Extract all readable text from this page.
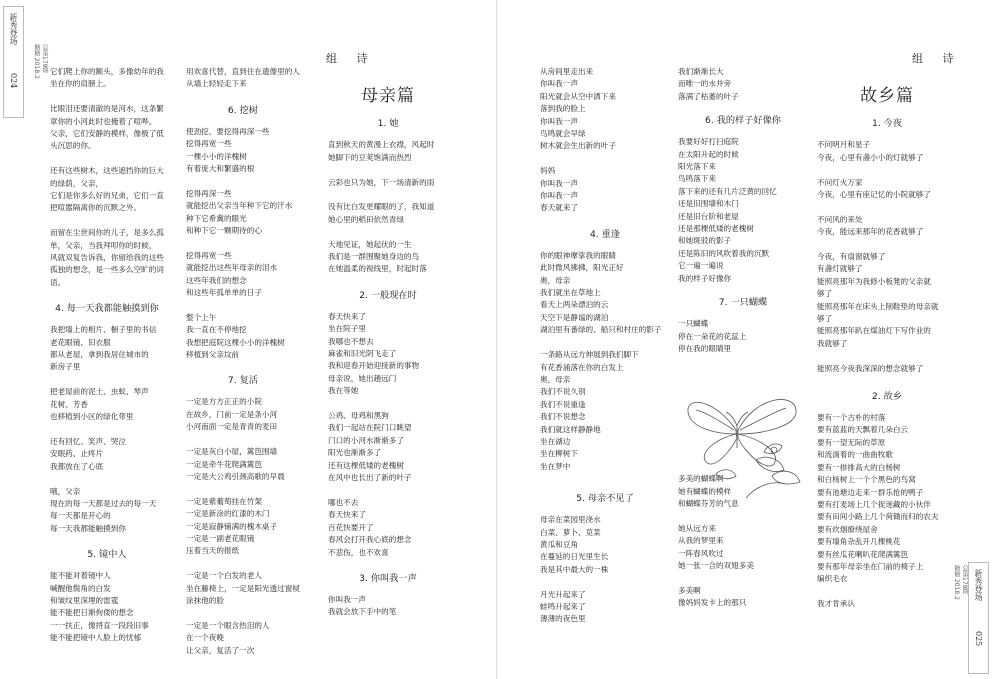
新秀登场
024
糖糖 2018.2 总第179期
新秀登场
025
糖糖 2018.2 总第179期
组 诗	组 诗

它们爬上你的额头，多像幼年的我

坐在你的肩膀上。

比眼泪还要清澈的是河水，这条繁

章你的小河此时也掩着了喧哗。

父亲，它们安静的模样，像极了低

头沉思的你。

还有这些树木，这些遮挡你的巨大

的绿荫，父亲，

它们是你多么好的兄弟，它们一直

把喧嚣隔离你的沉默之外。

而留在尘世间你的儿子，是多么孤

单，父亲，当我拜叩你的时候，

风就双复告诉我，你留给我的这些

孤独的想念，是一些多么空旷的词

语。

4. 每一天我都能触摸到你

我把墙上的相片、橱子里的书信

老花眼镜、旧衣服

都从老屋，拿到我居住城市的

新房子里

把老屋前的泥土、虫蚁、琴声

花树、芳香

也移植到小区的绿化带里

还有回忆、笑声、哭泣

安眠药、止疼片

我都放在了心底

哦，父亲

现在的每一天都是过去的每一天

每一天都是开心的

每一天我都能触摸到你

5. 镜中人

能不能对着镜中人

喊醒他鬓角的白发

和皱纹里深埋的雷霆

能不能把日渐佝偻的想念

一一扶正，像捋直一段段旧事

能不能把镜中人脸上的忧郁

用欢喜代替，直到住在遗像里的人

从墙上轻轻走下来

6. 挖树

使劲挖，要挖得再深一些

挖得再宽一些

一棵小小的洋槐树

有着庞大和繁盛的根

挖得再深一些

就能挖出父亲当年种下它的汗水

种下它希冀的眼光

和种下它一颗期待的心

挖得再宽一些

就能挖出这些年母亲的泪水

这些年我们的想念

和这些年孤单单的日子

整个上午

我一直在不停地挖

我想把庭院这棵小小的洋槐树

移植到父亲坟前

7. 复活

一定是方方正正的小院

在故乡，门前一定是条小河

小河南面一定是青青的麦田

一定是灰白小屋，篱笆围墙

一定是牵牛花爬满篱笆

一定是大公鸡引颈高歌的早晨

一定是紫葡萄挂在竹架

一定是新涂的红漆的木门

一定是寂静铺满的槐木桌子

一定是一副老花眼镜

压着当天的报纸

一定是一个白发的老人

坐在藤椅上，一定是阳光透过窗棂

涂抹他的脸

一定是一个眼含热泪的人

在一个夜晚

让父亲，复活了一次

母亲篇
1. 她

直到秋天的黄漫上衣襟，风起时

她脚下的豆荚饱满而热烈

云彩也只为她，下一场清新的雨

没有比白发更耀眼的了，我知道

她心里的稻田依然青绿

大地见证，她起伏的一生

我们是一群围聚她身边的鸟

在她温柔的视线里，时起时落

2. 一般现在时

春天快来了

坐在院子里

我哪也不想去

麻雀和旧光阴飞走了

我和迎春开始迎接新的事物

母亲说，她出趟远门

我在等她

公鸡、母鸡和黑狗

我们一起站在院门口眺望

门口的小河水渐渐多了

阳光也渐渐多了

还有这棵低矮的老槐树

在风中也长出了新的叶子

哪也不去

春天快来了

百花快要开了

春风会打开我心底的想念

不悲伤，也不欢喜

3. 你叫我一声

你叫我一声

我就会放下手中的笔

从房间里走出来

你叫我一声

阳光就会从空中洒下来

落到我的脸上

你叫我一声

鸟鸣就会早绿

树木就会生出新的叶子

妈妈

你叫我一声

你叫我一声

春天就来了

4. 重逢

你的眼神摩挲我的眼睛

此时微风拂拂，阳光正好

奥，母亲

我们就坐在草地上

看天上两朵漂泊的云

天空下是静谧的湖泊

湖泊里有番绿的、船只和村庄的影子

一条路从远方伸展到我们脚下

有花香涌落在你的白发上

奥，母亲

我们不说久别

我们不说重逢

我们不说想念

我们就这样静静地

坐在湖边

坐在柳树下

坐在梦中

5. 母亲不见了

母亲在菜园里浇水

白菜、萝卜、苋菜

黄瓜和豆角

在蔓延的日光里生长

我是其中最大的一株

月光升起来了

蛙鸣升起来了

薄薄的夜色里

我们渐渐长大

而唯一的水井旁

落满了枯萎的叶子

6. 我的样子好像你

我要好好打扫庭院

在太阳升起的时候

阳光落下来

鸟鸣落下来

落下来的还有几片泛黄的回忆

还是旧围墙和木门

还是旧台阶和老屋

还是那棵低矮的老槐树

和她斑驳的影子

还是陈旧的风吹着我的沉默

它一遍一遍说

我的样子好像你

7. 一只蝴蝶

一只蝴蝶

停在一朵花的花蕊上

停在我的眼睛里

多美的蝴蝶啊

她有蝴蝶的模样

和蝴蝶芬芳的气息

她从远方来

从我的梦里来

一阵春风吹过

她一张一合的双翅多美

多美啊

像妈妈发卡上的那只

故乡篇
1. 今夜

不问明月和星子

今夜，心里有盏小小的灯就够了

不问灯火万家

今夜，心里有座记忆的小院就够了

不问风的来处

今夜，能远来那年的花香就够了

今夜，有扇窗就够了

有盏灯就够了

能照亮那年为我修小板凳的父亲就

够了

能照亮那年在床头上削鞋垫的母亲就

够了

能照亮那年趴在煤油灯下写作业的

我就够了

能照亮今夜我深深的想念就够了

2. 故乡

要有一个古朴的村落

要有蓝蓝的天飘着几朵白云

要有一望无际的草原

和流淌着的一曲曲牧歌

要有一排排高大的白杨树

和白杨树上一个个黑色的鸟窝

要有池塘边走来一群乐抢的鸭子

要有打麦场上几个捉迷藏的小伙伴

要有田间小路上几个荷锄而归的农夫

要有炊烟缭绕屋舍

要有墙角杂乱开几棵桃花

要有丝瓜花喇叭花爬满篱笆

要有那年母亲坐在门前的椅子上

编织毛衣

我才肯承认
